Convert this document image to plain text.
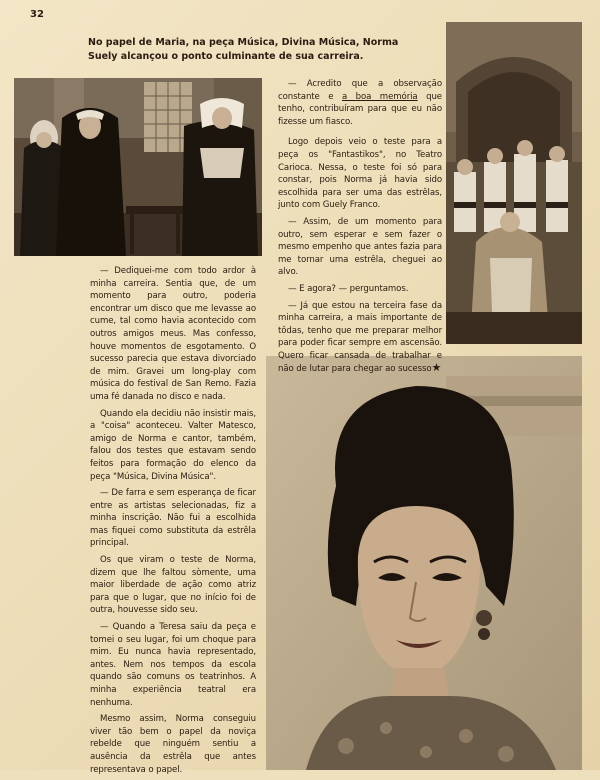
32
No papel de Maria, na peça Música, Divina Música, Norma Suely alcançou o ponto culminante de sua carreira.

— Dediquei-me com todo ardor à minha carreira. Sentia que, de um momento para outro, poderia encontrar um disco que me levasse ao cume, tal como havia acontecido com outros amigos meus. Mas confesso, houve momentos de esgotamento. O sucesso parecia que estava divorciado de mim. Gravei um long-play com música do festival de San Remo. Fazia uma fé danada no disco e nada.

Quando ela decidiu não insistir mais, a "coisa" aconteceu. Valter Matesco, amigo de Norma e cantor, também, falou dos testes que estavam sendo feitos para formação do elenco da peça "Música, Divina Música".

— De farra e sem esperança de ficar entre as artistas selecionadas, fiz a minha inscrição. Não fui a escolhida mas fiquei como substituta da estrêla principal.

Os que viram o teste de Norma, dizem que lhe faltou sòmente, uma maior liberdade de ação como atriz para que o lugar, que no início foi de outra, houvesse sido seu.

— Quando a Teresa saiu da peça e tomei o seu lugar, foi um choque para mim. Eu nunca havia representado, antes. Nem nos tempos da escola quando são comuns os teatrinhos. A minha experiência teatral era nenhuma.

Mesmo assim, Norma conseguiu viver tão bem o papel da noviça rebelde que ninguém sentiu a ausência da estrêla que antes representava o papel.

— Acredito que a observação constante e a boa memória que tenho, contribuíram para que eu não fizesse um fiasco.

Logo depois veio o teste para a peça os "Fantastikos", no Teatro Carioca. Nessa, o teste foi só para constar, pois Norma já havia sido escolhida para ser uma das estrêlas, junto com Guely Franco.

— Assim, de um momento para outro, sem esperar e sem fazer o mesmo empenho que antes fazia para me tornar uma estrêla, cheguei ao alvo.

— E agora? — perguntamos.

— Já que estou na terceira fase da minha carreira, a mais importante de tôdas, tenho que me preparar melhor para poder ficar sempre em ascensão. Quero ficar cansada de trabalhar e não de lutar para chegar ao sucesso★
